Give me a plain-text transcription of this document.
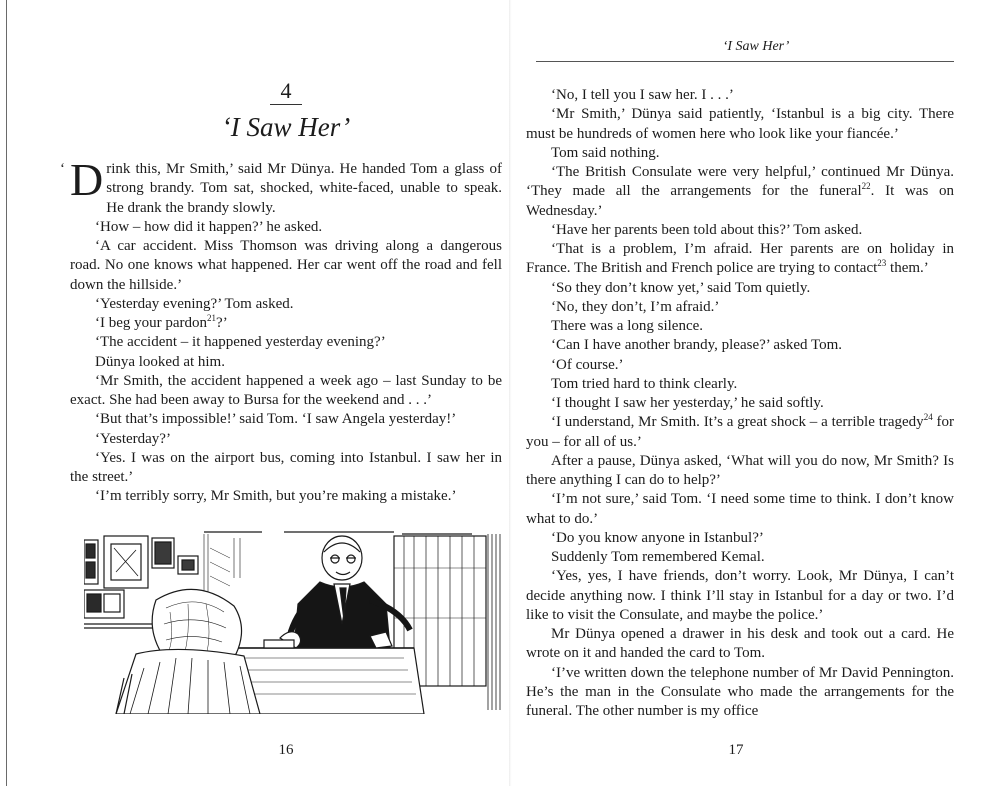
4
‘I Saw Her’
‘ Drink this, Mr Smith,’ said Mr Dünya. He handed Tom a glass of strong brandy. Tom sat, shocked, white-faced, unable to speak. He drank the brandy slowly.

‘How – how did it happen?’ he asked.

‘A car accident. Miss Thomson was driving along a dangerous road. No one knows what happened. Her car went off the road and fell down the hillside.’

‘Yesterday evening?’ Tom asked.

‘I beg your pardon$^{21}$?’

‘The accident – it happened yesterday evening?’

Dünya looked at him.

‘Mr Smith, the accident happened a week ago – last Sunday to be exact. She had been away to Bursa for the weekend and . . .’

‘But that’s impossible!’ said Tom. ‘I saw Angela yesterday!’

‘Yesterday?’

‘Yes. I was on the airport bus, coming into Istanbul. I saw her in the street.’

‘I’m terribly sorry, Mr Smith, but you’re making a mistake.’

16
‘I Saw Her’

‘No, I tell you I saw her. I . . .’

‘Mr Smith,’ Dünya said patiently, ‘Istanbul is a big city. There must be hundreds of women here who look like your fiancée.’

Tom said nothing.

‘The British Consulate were very helpful,’ continued Mr Dünya. ‘They made all the arrangements for the funeral$^{22}$. It was on Wednesday.’

‘Have her parents been told about this?’ Tom asked.

‘That is a problem, I’m afraid. Her parents are on holiday in France. The British and French police are trying to contact$^{23}$ them.’

‘So they don’t know yet,’ said Tom quietly.

‘No, they don’t, I’m afraid.’

There was a long silence.

‘Can I have another brandy, please?’ asked Tom.

‘Of course.’

Tom tried hard to think clearly.

‘I thought I saw her yesterday,’ he said softly.

‘I understand, Mr Smith. It’s a great shock – a terrible tragedy$^{24}$ for you – for all of us.’

After a pause, Dünya asked, ‘What will you do now, Mr Smith? Is there anything I can do to help?’

‘I’m not sure,’ said Tom. ‘I need some time to think. I don’t know what to do.’

‘Do you know anyone in Istanbul?’

Suddenly Tom remembered Kemal.

‘Yes, yes, I have friends, don’t worry. Look, Mr Dünya, I can’t decide anything now. I think I’ll stay in Istanbul for a day or two. I’d like to visit the Consulate, and maybe the police.’

Mr Dünya opened a drawer in his desk and took out a card. He wrote on it and handed the card to Tom.

‘I’ve written down the telephone number of Mr David Pennington. He’s the man in the Consulate who made the arrangements for the funeral. The other number is my office

17
